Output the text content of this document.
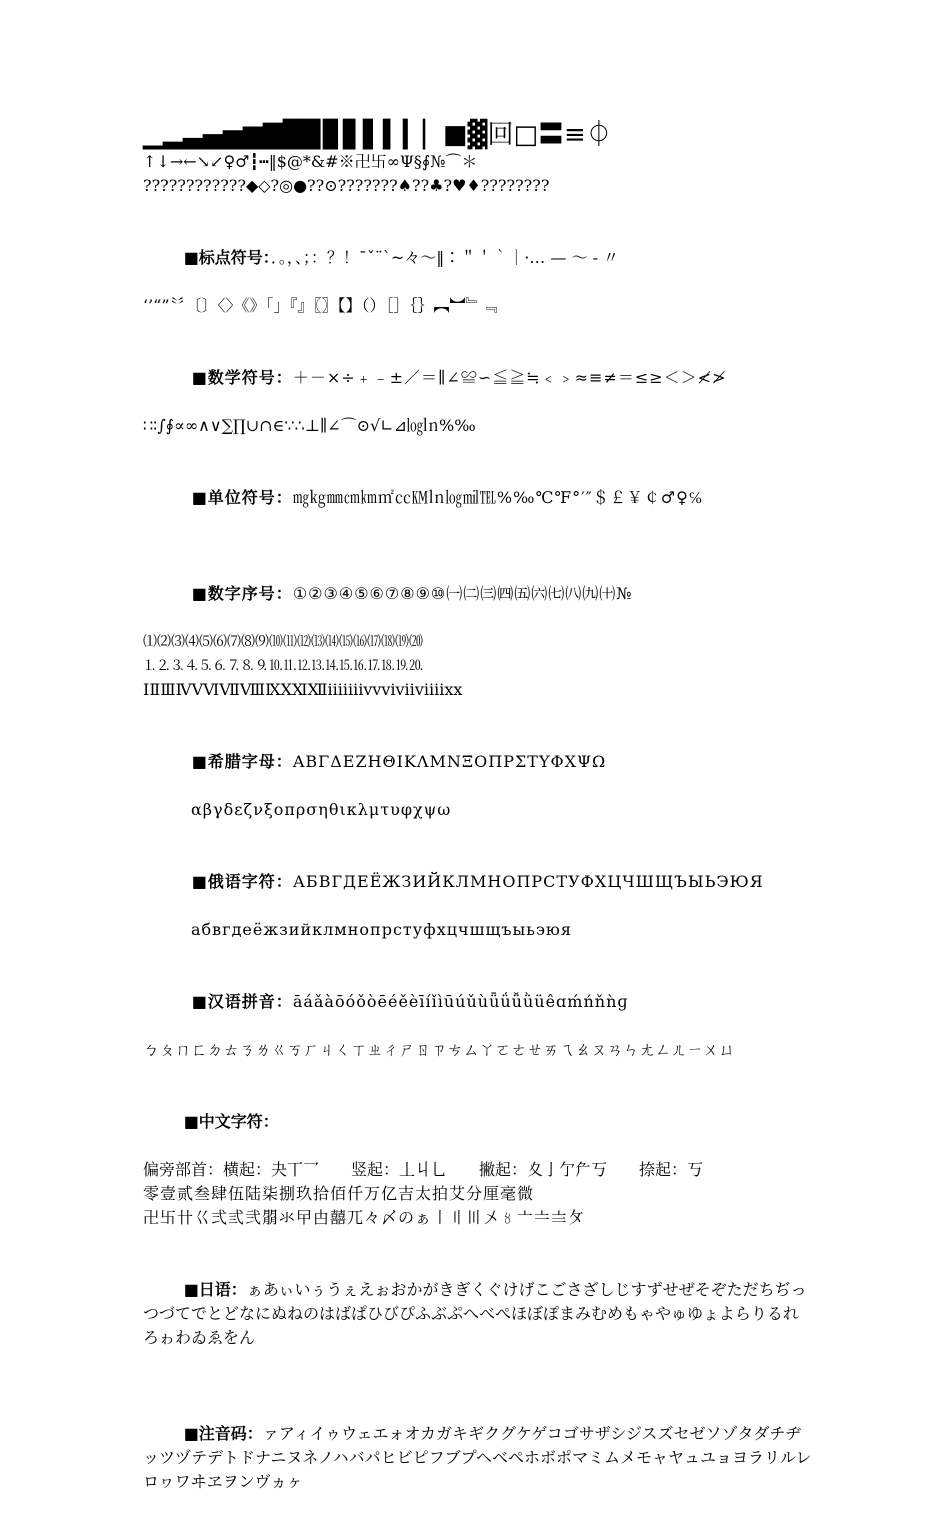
▁▂▃▄▅▆▇█▉▊▋▌▍▎▏■▓回□〓≡⏀
↑↓→←↘↙♀♂┇┅‖$@*&#※卍卐∞Ψ§∮№⌒＊
????????????◆◇?◎●??⊙???????♠??♣?♥♦????????

■标点符号：．。，、；：？！ˉˇ¨`~々～‖∶＂＇｀｜·… — ～ - 〃

‘’“”〝〞〔〕〈〉《》「」『』〖〗【】（）［］｛｝︻︼﹄﹃

■数学符号：＋－×÷﹢﹣±／＝∥∠≌∽≦≧≒﹤﹥≈≡≠＝≤≥＜＞≮≯

∷∶∫∮∝∞∧∨∑∏∪∩∈∵∴⊥∥∠⌒⊙√∟⊿㏒㏑%‰

■单位符号：㎎㎏㎜㎝㎞㎡㏄㏎㏑㏒㏕℡%‰℃℉°′″＄￡￥￠♂♀℅

■数字序号：①②③④⑤⑥⑦⑧⑨⑩㈠㈡㈢㈣㈤㈥㈦㈧㈨㈩№

⑴⑵⑶⑷⑸⑹⑺⑻⑼⑽⑾⑿⒀⒁⒂⒃⒄⒅⒆⒇
⒈⒉⒊⒋⒌⒍⒎⒏⒐⒑⒒⒓⒔⒕⒖⒗⒘⒙⒚⒛
ⅠⅡⅢⅣⅤⅥⅦⅧⅨⅩⅪⅫⅰⅱⅲⅳⅴⅵⅶⅷⅸⅹ

■希腊字母：ΑΒΓΔΕΖΗΘΙΚΛΜΝΞΟΠΡΣΤΥΦΧΨΩ

αβγδεζνξοπρσηθικλμτυφχψω

■俄语字符：АБВГДЕЁЖЗИЙКЛМНОПРСТУФХЦЧШЩЪЫЬЭЮЯ

абвгдеёжзийклмнопрстуфхцчшщъыьэюя

■汉语拼音：āáǎàōóǒòēéěèīíǐìūúǔùǖǘǚǜüêɑḿńňǹɡ

ㄅㄆㄇㄈㄉㄊㄋㄌㄍㄎㄏㄐㄑㄒㄓㄔㄕㄖㄗㄘㄙㄚㄛㄜㄝㄞㄟㄠㄡㄢㄣㄤㄥㄦㄧㄨㄩ

■中文字符：

偏旁部首：横起：夬丅乛　　竖起：丄丩乚　　撇起：夊亅亇厃丂　　捺起：丂
零壹贰叁肆伍陆柒捌玖拾佰仟万亿吉太拍艾分厘毫微
卍卐卄巜弍弎弐朤氺曱甴囍兀々〆のぁ〡〢〣〤〥〦〧〨〩

■日语：ぁあぃいぅうぇえぉおかがきぎくぐけげこごさざしじすずせぜそぞただちぢっつづてでとどなにぬねのはばぱひびぴふぶぷへべぺほぼぽまみむめもゃやゅゆょよらりるれろゎわゐゑをん

■注音码：ァアィイゥウェエォオカガキギクグケゲコゴサザシジスズセゼソゾタダチヂッツヅテデトドナニヌネノハバパヒビピフブプヘベペホボポマミムメモャヤュユョヨラリルレロヮワヰヱヲンヴヵヶ
